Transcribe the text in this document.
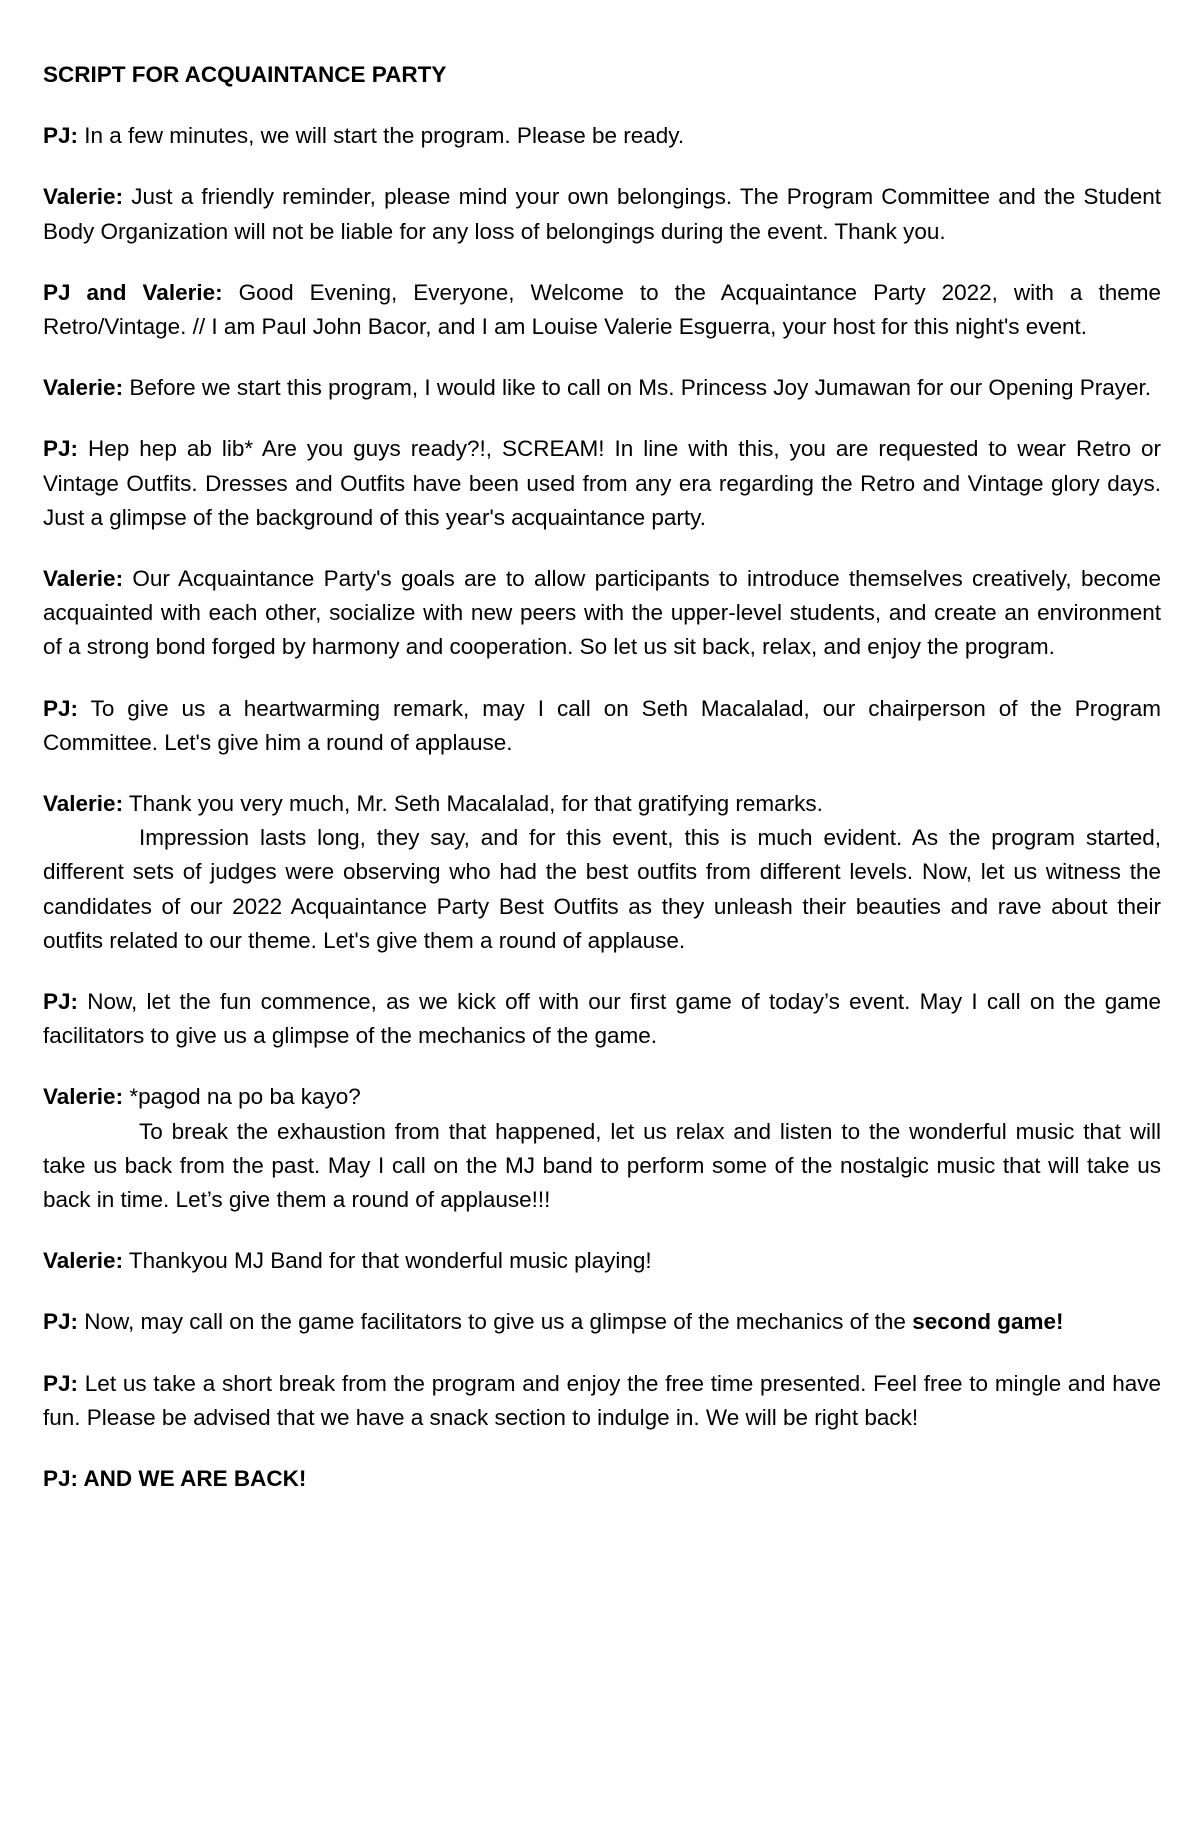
SCRIPT FOR ACQUAINTANCE PARTY
PJ: In a few minutes, we will start the program. Please be ready.
Valerie: Just a friendly reminder, please mind your own belongings. The Program Committee and the Student Body Organization will not be liable for any loss of belongings during the event. Thank you.
PJ and Valerie: Good Evening, Everyone, Welcome to the Acquaintance Party 2022, with a theme Retro/Vintage. // I am Paul John Bacor, and I am Louise Valerie Esguerra, your host for this night's event.
Valerie: Before we start this program, I would like to call on Ms. Princess Joy Jumawan for our Opening Prayer.
PJ: Hep hep ab lib* Are you guys ready?!, SCREAM! In line with this, you are requested to wear Retro or Vintage Outfits. Dresses and Outfits have been used from any era regarding the Retro and Vintage glory days. Just a glimpse of the background of this year's acquaintance party.
Valerie: Our Acquaintance Party's goals are to allow participants to introduce themselves creatively, become acquainted with each other, socialize with new peers with the upper-level students, and create an environment of a strong bond forged by harmony and cooperation. So let us sit back, relax, and enjoy the program.
PJ: To give us a heartwarming remark, may I call on Seth Macalalad, our chairperson of the Program Committee. Let's give him a round of applause.
Valerie: Thank you very much, Mr. Seth Macalalad, for that gratifying remarks.
Impression lasts long, they say, and for this event, this is much evident. As the program started, different sets of judges were observing who had the best outfits from different levels. Now, let us witness the candidates of our 2022 Acquaintance Party Best Outfits as they unleash their beauties and rave about their outfits related to our theme. Let's give them a round of applause.
PJ: Now, let the fun commence, as we kick off with our first game of today’s event. May I call on the game facilitators to give us a glimpse of the mechanics of the game.
Valerie: *pagod na po ba kayo?
To break the exhaustion from that happened, let us relax and listen to the wonderful music that will take us back from the past. May I call on the MJ band to perform some of the nostalgic music that will take us back in time. Let’s give them a round of applause!!!
Valerie: Thankyou MJ Band for that wonderful music playing!
PJ: Now, may call on the game facilitators to give us a glimpse of the mechanics of the second game!
PJ: Let us take a short break from the program and enjoy the free time presented. Feel free to mingle and have fun. Please be advised that we have a snack section to indulge in. We will be right back!
PJ: AND WE ARE BACK!
